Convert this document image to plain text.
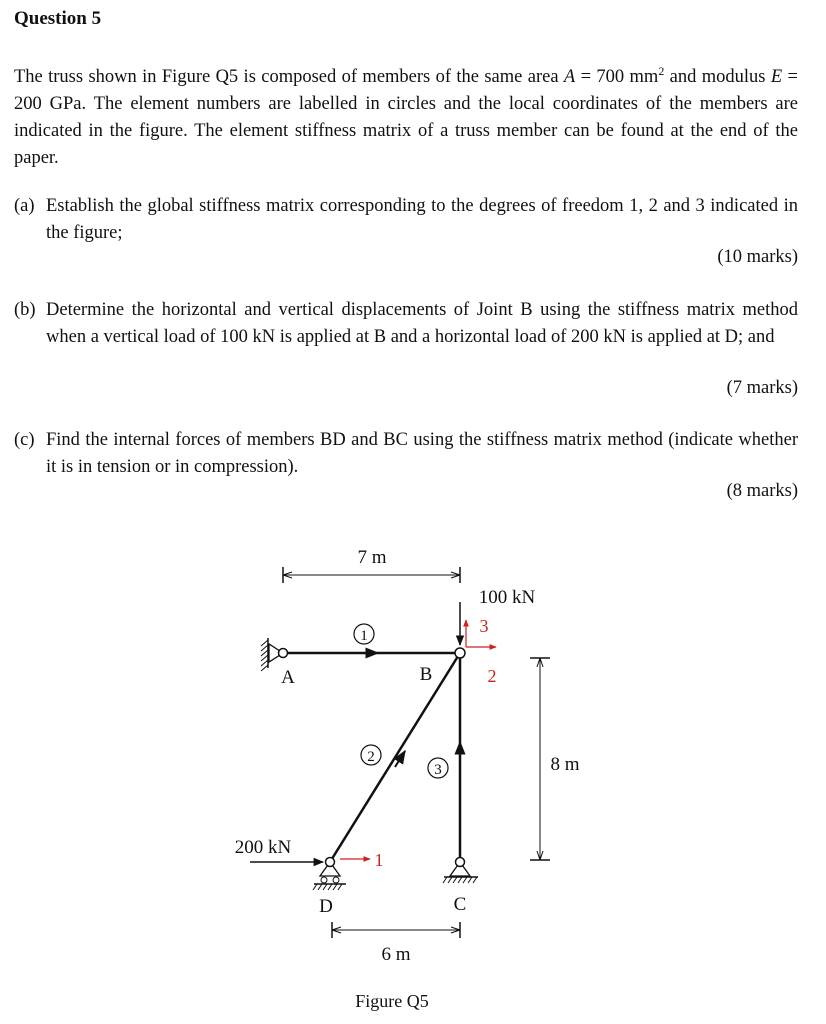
Question 5
The truss shown in Figure Q5 is composed of members of the same area A = 700 $mm^2$ and modulus E = 200 GPa. The element numbers are labelled in circles and the local coordinates of the members are indicated in the figure. The element stiffness matrix of a truss member can be found at the end of the paper.
(a) Establish the global stiffness matrix corresponding to the degrees of freedom 1, 2 and 3 indicated in the figure;
(10 marks)
(b) Determine the horizontal and vertical displacements of Joint B using the stiffness matrix method when a vertical load of 100 kN is applied at B and a horizontal load of 200 kN is applied at D; and
(7 marks)
(c) Find the internal forces of members BD and BC using the stiffness matrix method (indicate whether it is in tension or in compression).
(8 marks)
7 m
8 m
6 m
1
2
3
A	B
100 kN
3
2
D
200 kN
1
C
Figure Q5
